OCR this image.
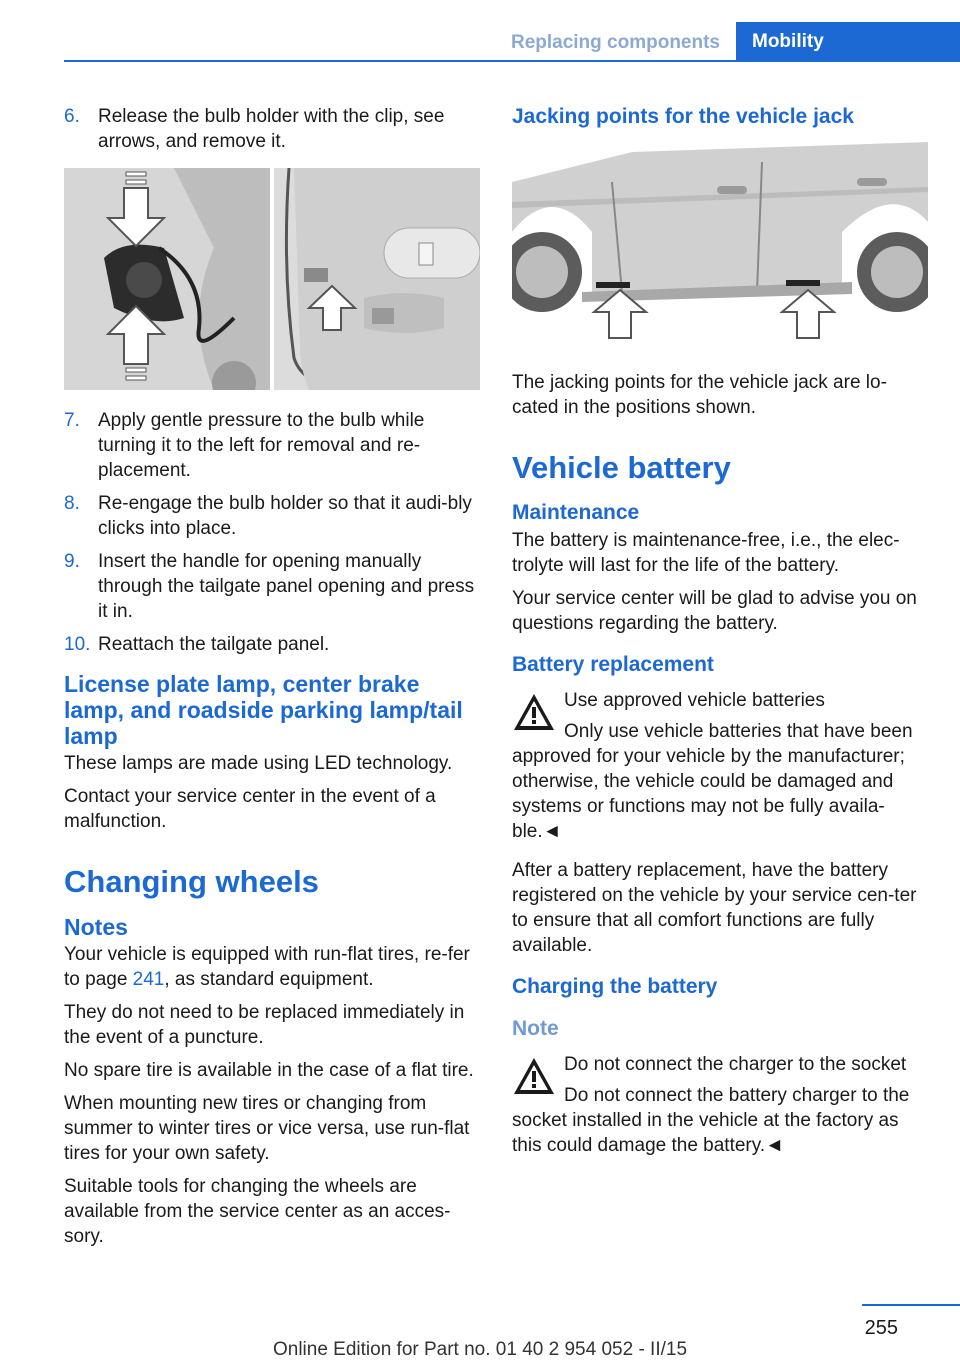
Replacing components	Mobility
6. Release the bulb holder with the clip, see arrows, and remove it.
7. Apply gentle pressure to the bulb while turning it to the left for removal and re-placement.
8. Re-engage the bulb holder so that it audi-bly clicks into place.
9. Insert the handle for opening manually through the tailgate panel opening and press it in.
10. Reattach the tailgate panel.
License plate lamp, center brake lamp, and roadside parking lamp/tail lamp

These lamps are made using LED technology.

Contact your service center in the event of a malfunction.

Changing wheels
Notes

Your vehicle is equipped with run-flat tires, re-fer to page 241, as standard equipment.

They do not need to be replaced immediately in the event of a puncture.

No spare tire is available in the case of a flat tire.

When mounting new tires or changing from summer to winter tires or vice versa, use run-flat tires for your own safety.

Suitable tools for changing the wheels are available from the service center as an acces-sory.

Jacking points for the vehicle jack

The jacking points for the vehicle jack are lo-cated in the positions shown.

Vehicle battery
Maintenance

The battery is maintenance-free, i.e., the elec-trolyte will last for the life of the battery.

Your service center will be glad to advise you on questions regarding the battery.

Battery replacement
Use approved vehicle batteries
Only use vehicle batteries that have been approved for your vehicle by the manufacturer; otherwise, the vehicle could be damaged and systems or functions may not be fully availa-ble.◄

After a battery replacement, have the battery registered on the vehicle by your service cen-ter to ensure that all comfort functions are fully available.

Charging the battery
Note
Do not connect the charger to the socket
Do not connect the battery charger to the socket installed in the vehicle at the factory as this could damage the battery.◄
255
Online Edition for Part no. 01 40 2 954 052 - II/15
